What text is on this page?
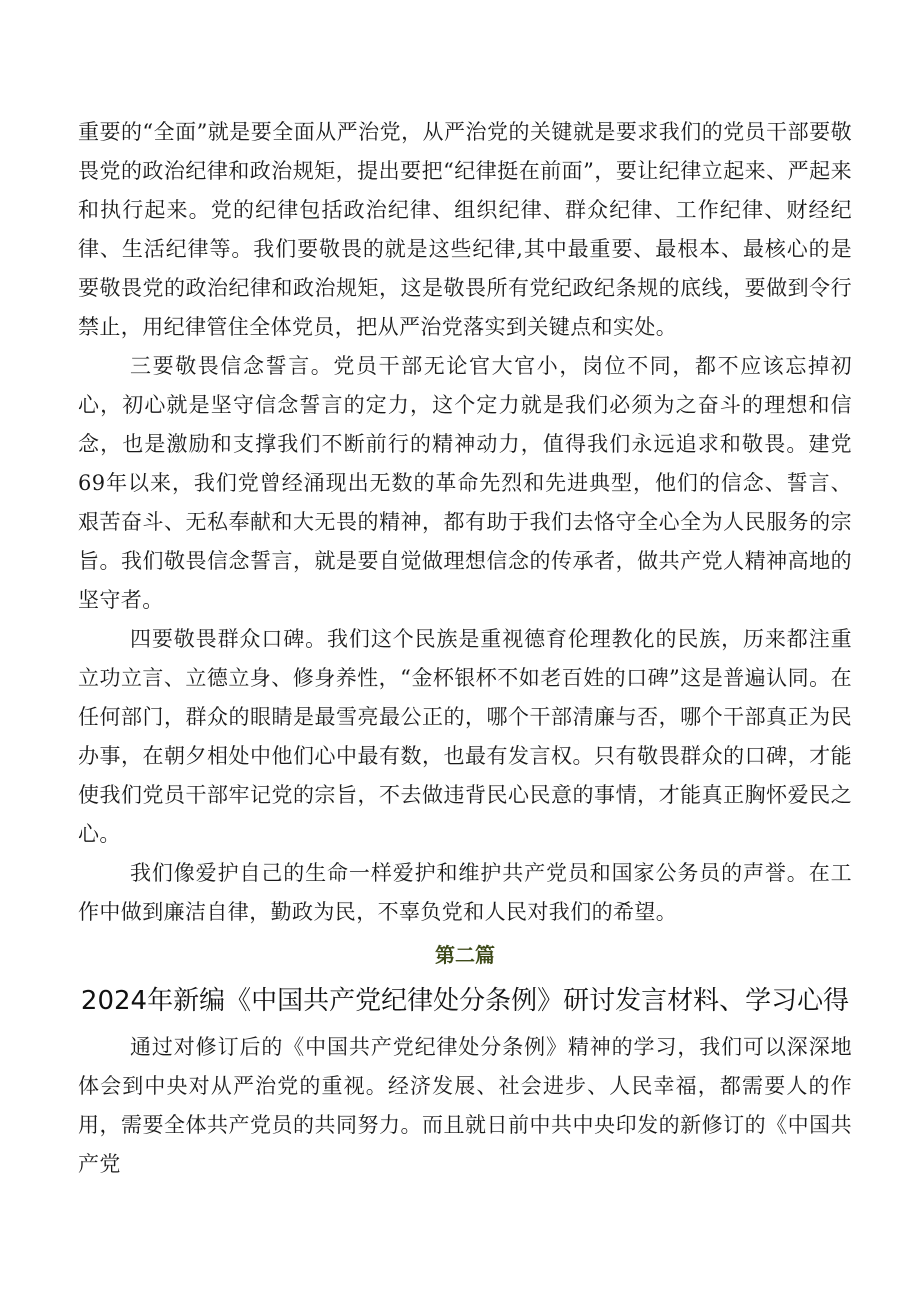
重要的“全面”就是要全面从严治党，从严治党的关键就是要求我们的党员干部要敬畏党的政治纪律和政治规矩，提出要把“纪律挺在前面”，要让纪律立起来、严起来和执行起来。党的纪律包括政治纪律、组织纪律、群众纪律、工作纪律、财经纪律、生活纪律等。我们要敬畏的就是这些纪律,其中最重要、最根本、最核心的是要敬畏党的政治纪律和政治规矩，这是敬畏所有党纪政纪条规的底线，要做到令行禁止，用纪律管住全体党员，把从严治党落实到关键点和实处。

三要敬畏信念誓言。党员干部无论官大官小，岗位不同，都不应该忘掉初心，初心就是坚守信念誓言的定力，这个定力就是我们必须为之奋斗的理想和信念，也是激励和支撑我们不断前行的精神动力，值得我们永远追求和敬畏。建党69年以来，我们党曾经涌现出无数的革命先烈和先进典型，他们的信念、誓言、艰苦奋斗、无私奉献和大无畏的精神，都有助于我们去恪守全心全为人民服务的宗旨。我们敬畏信念誓言，就是要自觉做理想信念的传承者，做共产党人精神高地的坚守者。

四要敬畏群众口碑。我们这个民族是重视德育伦理教化的民族，历来都注重立功立言、立德立身、修身养性，“金杯银杯不如老百姓的口碑”这是普遍认同。在任何部门，群众的眼睛是最雪亮最公正的，哪个干部清廉与否，哪个干部真正为民办事，在朝夕相处中他们心中最有数，也最有发言权。只有敬畏群众的口碑，才能使我们党员干部牢记党的宗旨，不去做违背民心民意的事情，才能真正胸怀爱民之心。

我们像爱护自己的生命一样爱护和维护共产党员和国家公务员的声誉。在工作中做到廉洁自律，勤政为民，不辜负党和人民对我们的希望。

第二篇
2024年新编《中国共产党纪律处分条例》研讨发言材料、学习心得

通过对修订后的《中国共产党纪律处分条例》精神的学习，我们可以深深地体会到中央对从严治党的重视。经济发展、社会进步、人民幸福，都需要人的作用，需要全体共产党员的共同努力。而且就日前中共中央印发的新修订的《中国共产党
